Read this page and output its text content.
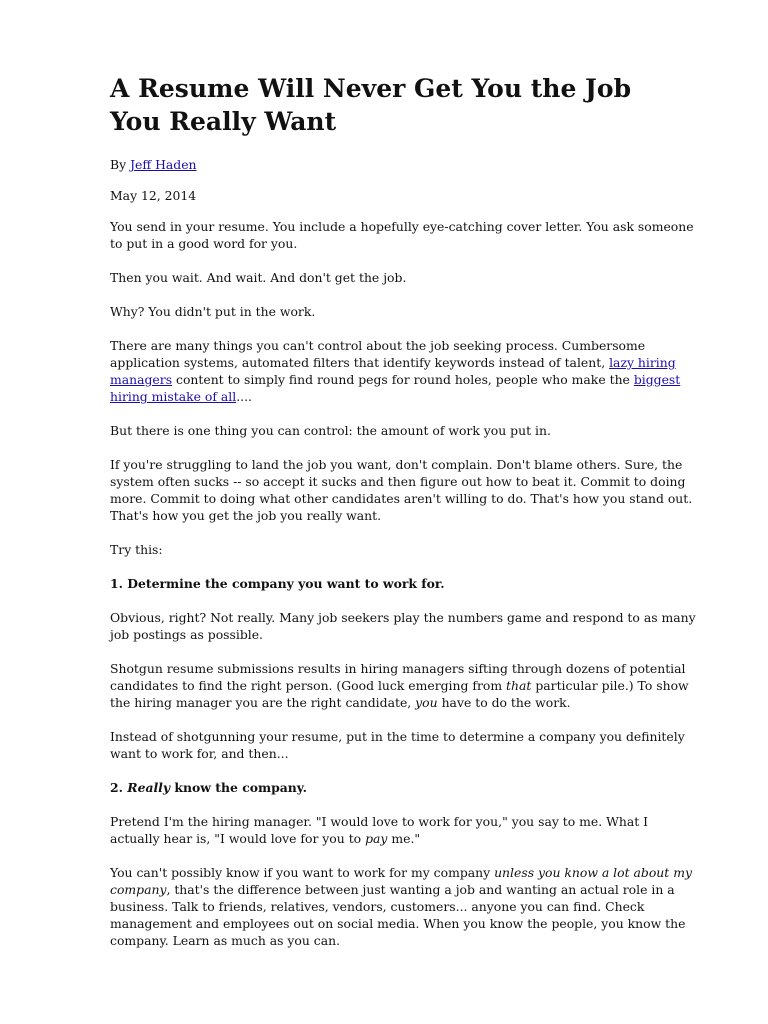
A Resume Will Never Get You the Job You Really Want

By Jeff Haden

May 12, 2014

You send in your resume. You include a hopefully eye-catching cover letter. You ask someone to put in a good word for you.

Then you wait. And wait. And don't get the job.

Why? You didn't put in the work.

There are many things you can't control about the job seeking process. Cumbersome application systems, automated filters that identify keywords instead of talent, lazy hiring managers content to simply find round pegs for round holes, people who make the biggest hiring mistake of all....

But there is one thing you can control: the amount of work you put in.

If you're struggling to land the job you want, don't complain. Don't blame others. Sure, the system often sucks -- so accept it sucks and then figure out how to beat it. Commit to doing more. Commit to doing what other candidates aren't willing to do. That's how you stand out. That's how you get the job you really want.

Try this:

1. Determine the company you want to work for.

Obvious, right? Not really. Many job seekers play the numbers game and respond to as many job postings as possible.

Shotgun resume submissions results in hiring managers sifting through dozens of potential candidates to find the right person. (Good luck emerging from that particular pile.) To show the hiring manager you are the right candidate, you have to do the work.

Instead of shotgunning your resume, put in the time to determine a company you definitely want to work for, and then...

2. Really know the company.

Pretend I'm the hiring manager. "I would love to work for you," you say to me. What I actually hear is, "I would love for you to pay me."

You can't possibly know if you want to work for my company unless you know a lot about my company, that's the difference between just wanting a job and wanting an actual role in a business. Talk to friends, relatives, vendors, customers... anyone you can find. Check management and employees out on social media. When you know the people, you know the company. Learn as much as you can.
